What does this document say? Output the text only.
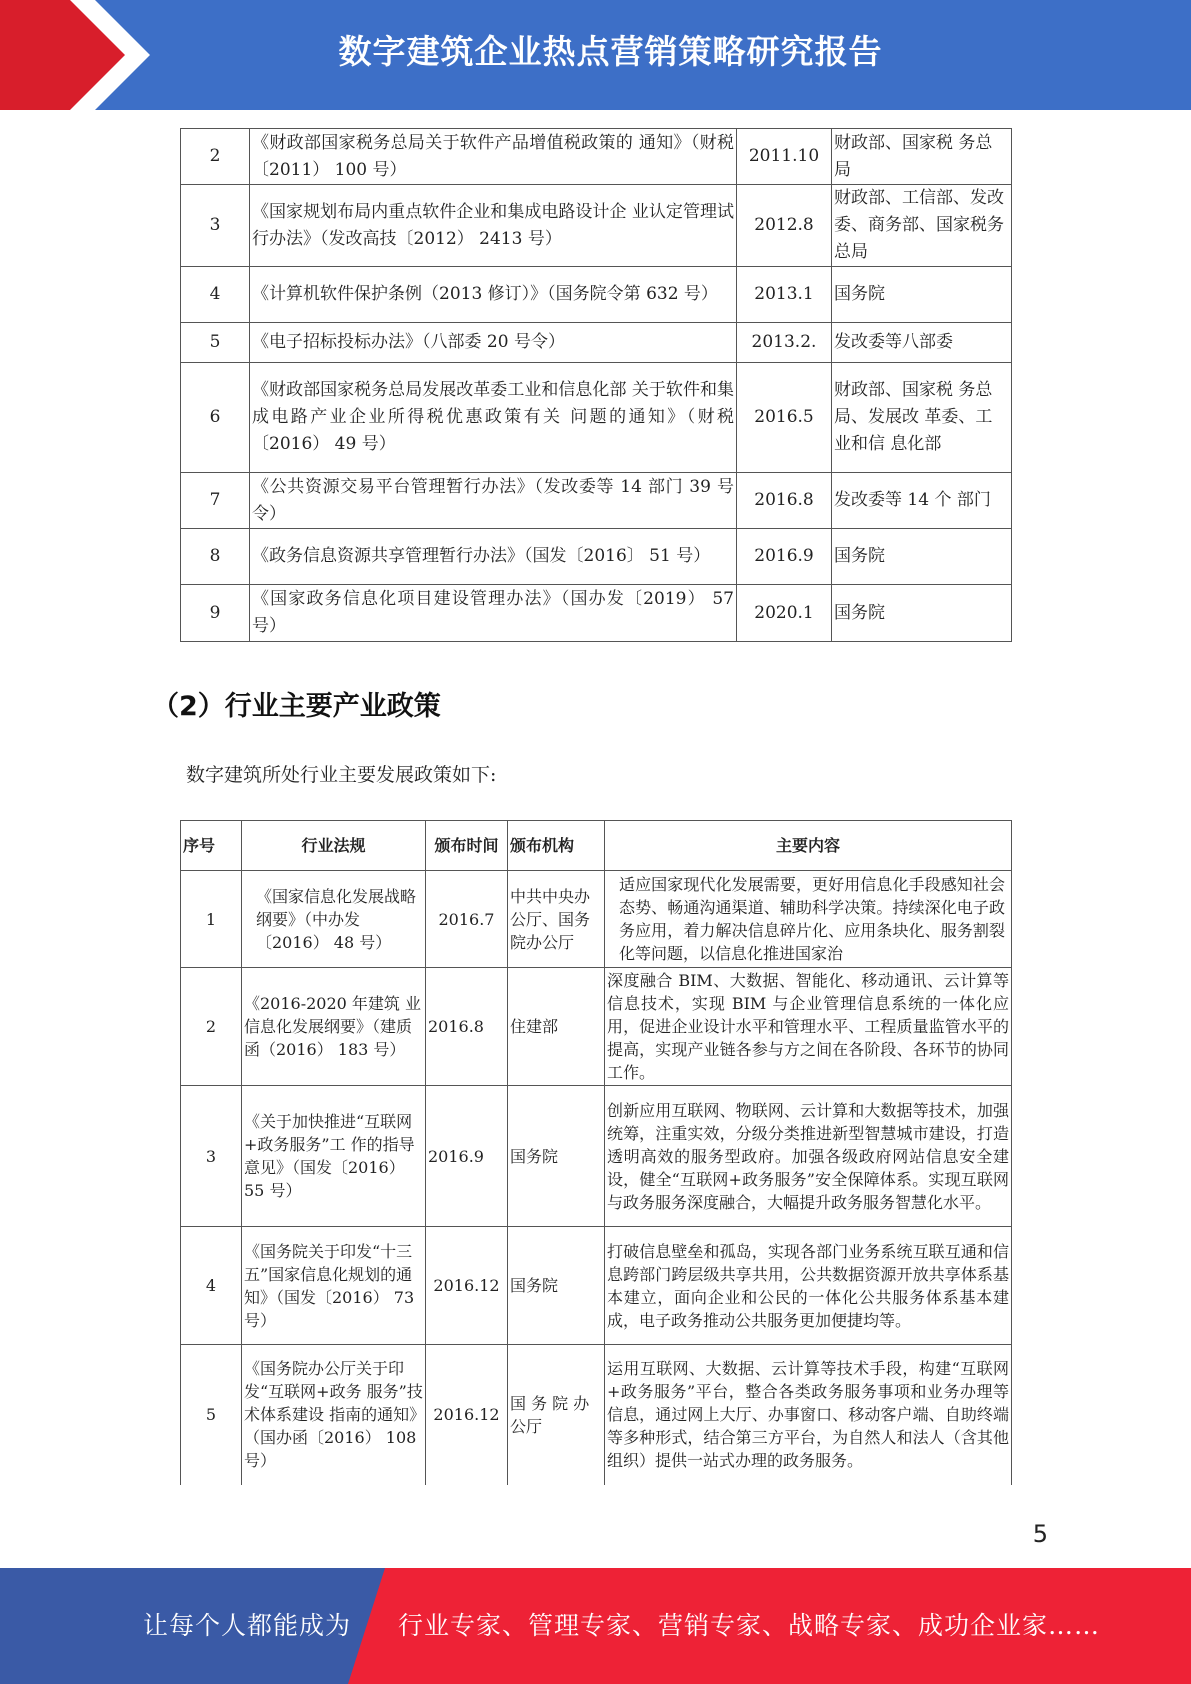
数字建筑企业热点营销策略研究报告
2	《财政部国家税务总局关于软件产品增值税政策的 通知》（财税〔2011） 100 号）	2011.10	财政部、国家税 务总局
3	《国家规划布局内重点软件企业和集成电路设计企 业认定管理试行办法》（发改高技〔2012） 2413 号）	2012.8	财政部、工信部、发改委、商务部、国家税务总局
4	《计算机软件保护条例（2013 修订）》（国务院令第 632 号）	2013.1	国务院
5	《电子招标投标办法》（八部委 20 号令）	2013.2.	发改委等八部委
6	《财政部国家税务总局发展改革委工业和信息化部 关于软件和集成电路产业企业所得税优惠政策有关 问题的通知》（财税〔2016） 49 号）	2016.5	财政部、国家税 务总局、发展改 革委、工业和信 息化部
7	《公共资源交易平台管理暂行办法》（发改委等 14 部门 39 号令）	2016.8	发改委等 14 个 部门
8	《政务信息资源共享管理暂行办法》（国发〔2016〕 51 号）	2016.9	国务院
9	《国家政务信息化项目建设管理办法》（国办发〔2019） 57 号）	2020.1	国务院
（2）行业主要产业政策
数字建筑所处行业主要发展政策如下:
序号	行业法规	颁布时间	颁布机构	主要内容
1	《国家信息化发展战略纲要》（中办发〔2016） 48 号）	2016.7	中共中央办公厅、国务院办公厅	适应国家现代化发展需要，更好用信息化手段感知社会态势、畅通沟通渠道、辅助科学决策。持续深化电子政务应用，着力解决信息碎片化、应用条块化、服务割裂化等问题，以信息化推进国家治
2	《2016-2020 年建筑 业信息化发展纲要》（建质函（2016） 183 号）	2016.8	住建部	深度融合 BIM、大数据、智能化、移动通讯、云计算等信息技术，实现 BIM 与企业管理信息系统的一体化应用，促进企业设计水平和管理水平、工程质量监管水平的提高，实现产业链各参与方之间在各阶段、各环节的协同工作。
3	《关于加快推进“互联网+政务服务”工 作的指导意见》（国发〔2016） 55 号）	2016.9	国务院	创新应用互联网、物联网、云计算和大数据等技术，加强统筹，注重实效，分级分类推进新型智慧城市建设，打造透明高效的服务型政府。加强各级政府网站信息安全建设，健全“互联网+政务服务”安全保障体系。实现互联网与政务服务深度融合，大幅提升政务服务智慧化水平。
4	《国务院关于印发“十三五”国家信息化规划的通知》（国发〔2016） 73 号）	2016.12	国务院	打破信息壁垒和孤岛，实现各部门业务系统互联互通和信息跨部门跨层级共享共用，公共数据资源开放共享体系基本建立，面向企业和公民的一体化公共服务体系基本建成，电子政务推动公共服务更加便捷均等。
5	《国务院办公厅关于印发“互联网+政务 服务”技术体系建设 指南的通知》（国办函〔2016） 108 号）	2016.12	国 务 院 办 公厅	运用互联网、大数据、云计算等技术手段，构建“互联网+政务服务”平台，整合各类政务服务事项和业务办理等信息，通过网上大厅、办事窗口、移动客户端、自助终端等多种形式，结合第三方平台，为自然人和法人（含其他组织）提供一站式办理的政务服务。
5
让每个人都能成为 行业专家、管理专家、营销专家、战略专家、成功企业家……
